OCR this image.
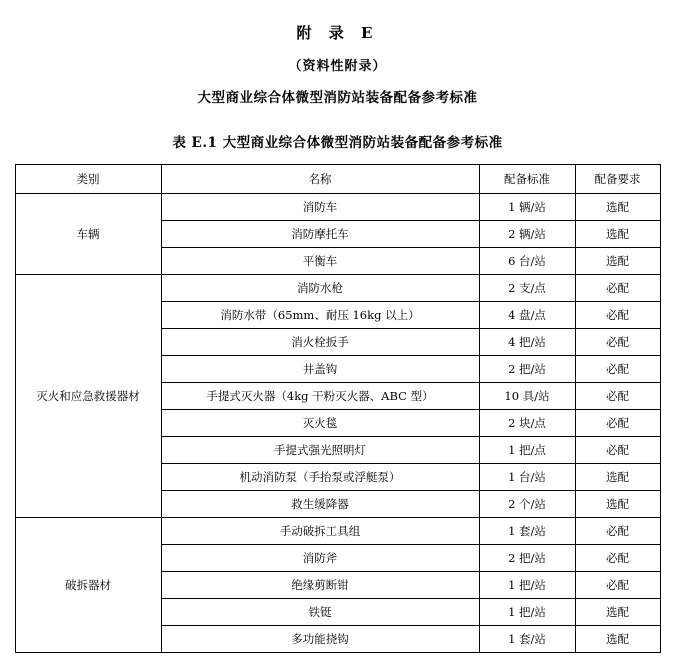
附 录 E
（资料性附录）
大型商业综合体微型消防站装备配备参考标准
表 E.1 大型商业综合体微型消防站装备配备参考标准
类别	名称	配备标准	配备要求
车辆	消防车	1 辆/站	选配
	消防摩托车	2 辆/站	选配
	平衡车	6 台/站	选配
灭火和应急救援器材	消防水枪	2 支/点	必配
	消防水带（65mm、耐压 16kg 以上）	4 盘/点	必配
	消火栓扳手	4 把/站	必配
	井盖钩	2 把/站	必配
	手提式灭火器（4kg 干粉灭火器、ABC 型）	10 具/站	必配
	灭火毯	2 块/点	必配
	手提式强光照明灯	1 把/点	必配
	机动消防泵（手抬泵或浮艇泵）	1 台/站	选配
	救生缓降器	2 个/站	选配
破拆器材	手动破拆工具组	1 套/站	必配
	消防斧	2 把/站	必配
	绝缘剪断钳	1 把/站	必配
	铁铤	1 把/站	选配
	多功能挠钩	1 套/站	选配
